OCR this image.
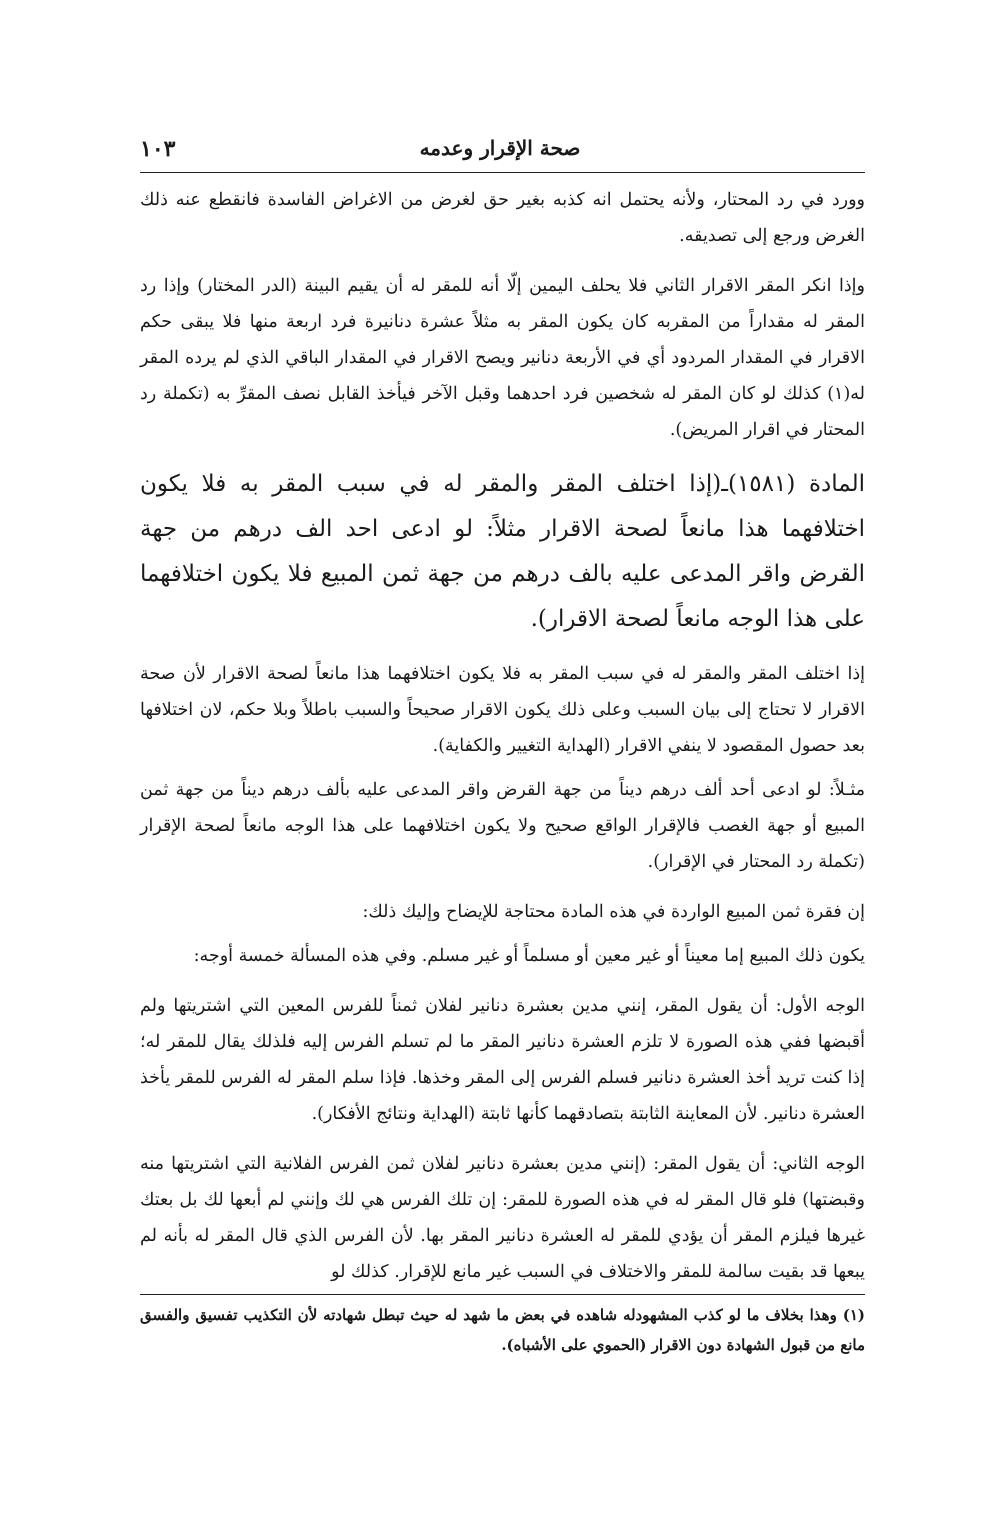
صحة الإقرار وعدمه
١٠٣

وورد في رد المحتار، ولأنه يحتمل انه كذبه بغير حق لغرض من الاغراض الفاسدة فانقطع عنه ذلك الغرض ورجع إلى تصديقه.

وإذا انكر المقر الاقرار الثاني فلا يحلف اليمين إلّا أنه للمقر له أن يقيم البينة (الدر المختار) وإذا رد المقر له مقداراً من المقربه كان يكون المقر به مثلاً عشرة دنانيرة فرد اربعة منها فلا يبقى حكم الاقرار في المقدار المردود أي في الأربعة دنانير ويصح الاقرار في المقدار الباقي الذي لم يرده المقر له(١) كذلك لو كان المقر له شخصين فرد احدهما وقبل الآخر فيأخذ القابل نصف المقرِّ به (تكملة رد المحتار في اقرار المريض).

المادة (١٥٨١)ـ(إذا اختلف المقر والمقر له في سبب المقر به فلا يكون اختلافهما هذا مانعاً لصحة الاقرار مثلاً: لو ادعى احد الف درهم من جهة القرض واقر المدعى عليه بالف درهم من جهة ثمن المبيع فلا يكون اختلافهما على هذا الوجه مانعاً لصحة الاقرار).

إذا اختلف المقر والمقر له في سبب المقر به فلا يكون اختلافهما هذا مانعاً لصحة الاقرار لأن صحة الاقرار لا تحتاج إلى بيان السبب وعلى ذلك يكون الاقرار صحيحاً والسبب باطلاً وبلا حكم، لان اختلافها بعد حصول المقصود لا ينفي الاقرار (الهداية التغيير والكفاية).

مثـلاً: لو ادعى أحد ألف درهم ديناً من جهة القرض واقر المدعى عليه بألف درهم ديناً من جهة ثمن المبيع أو جهة الغصب فالإقرار الواقع صحيح ولا يكون اختلافهما على هذا الوجه مانعاً لصحة الإقرار (تكملة رد المحتار في الإقرار).

إن فقرة ثمن المبيع الواردة في هذه المادة محتاجة للإيضاح وإليك ذلك:

يكون ذلك المبيع إما معيناً أو غير معين أو مسلماً أو غير مسلم. وفي هذه المسألة خمسة أوجه:

الوجه الأول: أن يقول المقر، إنني مدين بعشرة دنانير لفلان ثمناً للفرس المعين التي اشتريتها ولم أقبضها ففي هذه الصورة لا تلزم العشرة دنانير المقر ما لم تسلم الفرس إليه فلذلك يقال للمقر له؛ إذا كنت تريد أخذ العشرة دنانير فسلم الفرس إلى المقر وخذها. فإذا سلم المقر له الفرس للمقر يأخذ العشرة دنانير. لأن المعاينة الثابتة بتصادقهما كأنها ثابتة (الهداية ونتائج الأفكار).

الوجه الثاني: أن يقول المقر: (إنني مدين بعشرة دنانير لفلان ثمن الفرس الفلانية التي اشتريتها منه وقبضتها) فلو قال المقر له في هذه الصورة للمقر: إن تلك الفرس هي لك وإنني لم أبعها لك بل بعتك غيرها فيلزم المقر أن يؤدي للمقر له العشرة دنانير المقر بها. لأن الفرس الذي قال المقر له بأنه لم يبعها قد بقيت سالمة للمقر والاختلاف في السبب غير مانع للإقرار. كذلك لو

(١) وهذا بخلاف ما لو كذب المشهودله شاهده في بعض ما شهد له حيث تبطل شهادته لأن التكذيب تفسيق والفسق مانع من قبول الشهادة دون الاقرار (الحموي على الأشباه).
